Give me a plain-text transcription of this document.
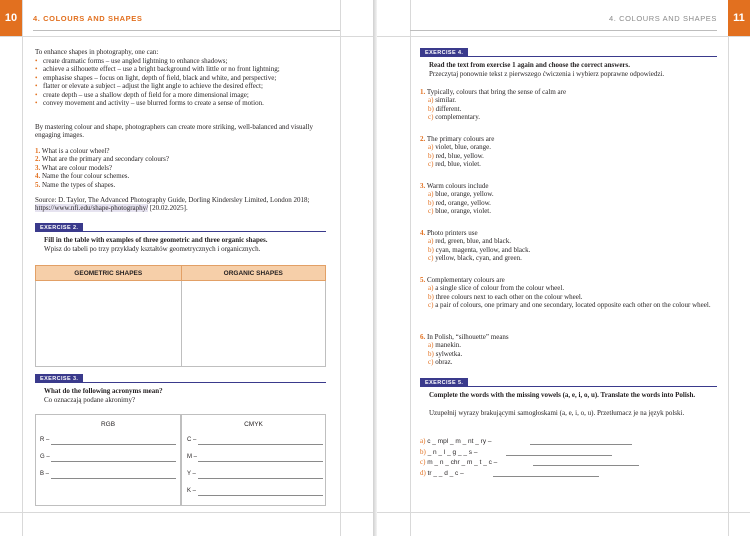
10	4. COLOURS AND SHAPES
To enhance shapes in photography, one can:
• create dramatic forms – use angled lightning to enhance shadows;
• achieve a silhouette effect – use a bright background with little or no front lightning;
• emphasise shapes – focus on light, depth of field, black and white, and perspective;
• flatter or elevate a subject – adjust the light angle to achieve the desired effect;
• create depth – use a shallow depth of field for a more dimensional image;
• convey movement and activity – use blurred forms to create a sense of motion.
By mastering colour and shape, photographers can create more striking, well-balanced and visually engaging images.
1. What is a colour wheel?
2. What are the primary and secondary colours?
3. What are colour models?
4. Name the four colour schemes.
5. Name the types of shapes.
Source: D. Taylor, The Advanced Photography Guide, Dorling Kindersley Limited, London 2018; https://www.nfi.edu/shape-photography/ [20.02.2025].
EXERCISE 2.
Fill in the table with examples of three geometric and three organic shapes.
Wpisz do tabeli po trzy przykłady kształtów geometrycznych i organicznych.
GEOMETRIC SHAPES	ORGANIC SHAPES

EXERCISE 3.
What do the following acronyms mean?
Co oznaczają podane akronimy?
RGB	CMYK
R –
G –
B –
C –
M –
Y –
K –
11
4. COLOURS AND SHAPES
EXERCISE 4.
Read the text from exercise 1 again and choose the correct answers.
Przeczytaj ponownie tekst z pierwszego ćwiczenia i wybierz poprawne odpowiedzi.
1. Typically, colours that bring the sense of calm are
a) similar.
b) different.
c) complementary.
2. The primary colours are
a) violet, blue, orange.
b) red, blue, yellow.
c) red, blue, violet.
3. Warm colours include
a) blue, orange, yellow.
b) red, orange, yellow.
c) blue, orange, violet.
4. Photo printers use
a) red, green, blue, and black.
b) cyan, magenta, yellow, and black.
c) yellow, black, cyan, and green.
5. Complementary colours are
a) a single slice of colour from the colour wheel.
b) three colours next to each other on the colour wheel.
c) a pair of colours, one primary and one secondary, located opposite each other on the colour wheel.
6. In Polish, “silhouette” means
a) manekin.
b) sylwetka.
c) obraz.
EXERCISE 5.
Complete the words with the missing vowels (a, e, i, o, u). Translate the words into Polish.
Uzupełnij wyrazy brakującymi samogłoskami (a, e, i, o, u). Przetłumacz je na język polski.
a) c _ mpl _ m _ nt _ ry –
b) _ n _ l _ g _ _ s –
c) m _ n _ chr _ m _ t _ c –
d) tr _ _ d _ c –
